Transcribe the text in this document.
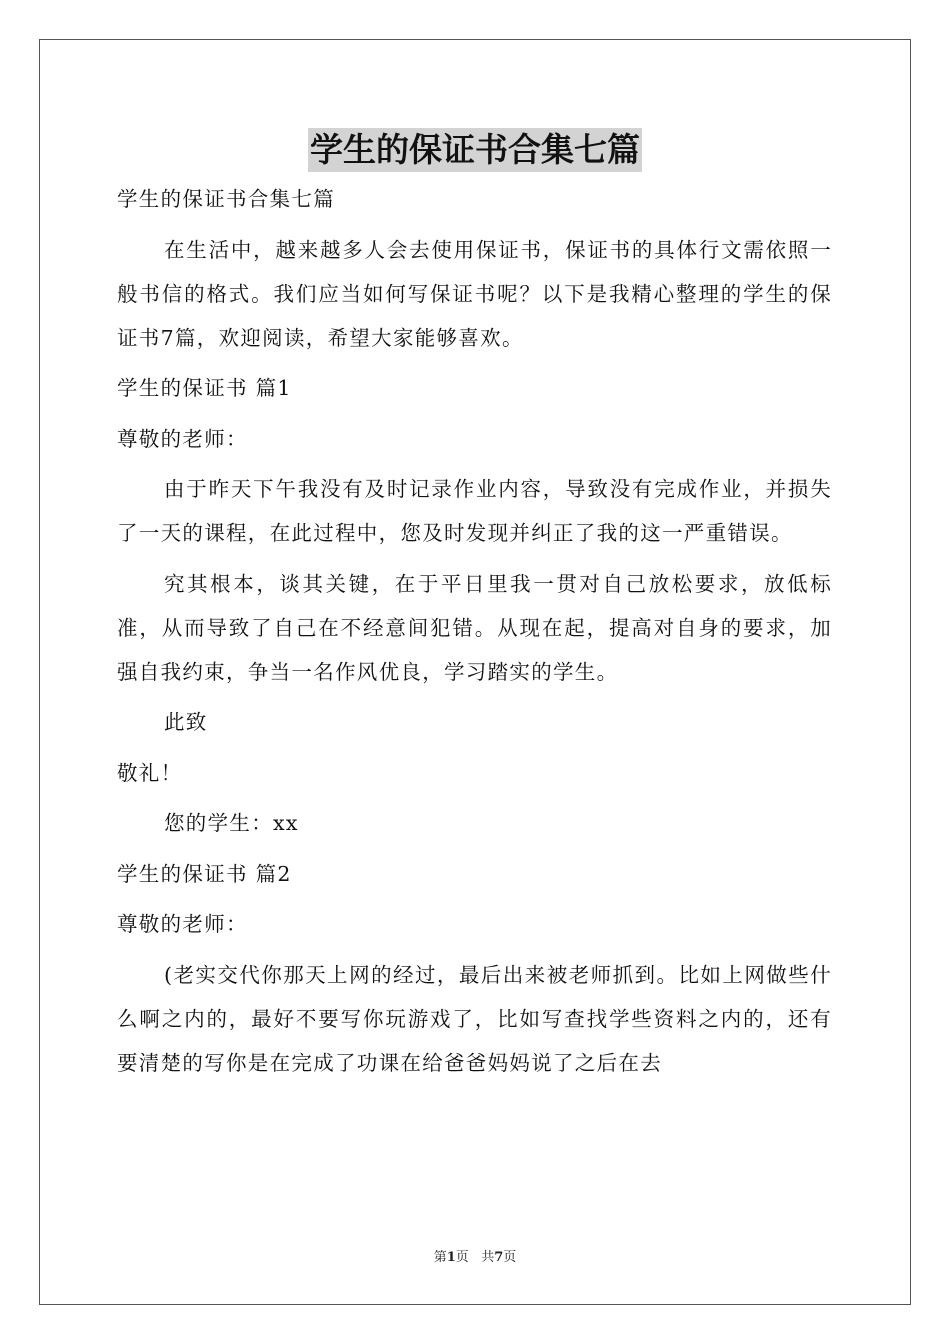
学生的保证书合集七篇

学生的保证书合集七篇

在生活中，越来越多人会去使用保证书，保证书的具体行文需依照一般书信的格式。我们应当如何写保证书呢？以下是我精心整理的学生的保证书7篇，欢迎阅读，希望大家能够喜欢。

学生的保证书 篇1

尊敬的老师：

由于昨天下午我没有及时记录作业内容，导致没有完成作业，并损失了一天的课程，在此过程中，您及时发现并纠正了我的这一严重错误。

究其根本，谈其关键，在于平日里我一贯对自己放松要求，放低标准，从而导致了自己在不经意间犯错。从现在起，提高对自身的要求，加强自我约束，争当一名作风优良，学习踏实的学生。

此致

敬礼！

您的学生：xx

学生的保证书 篇2

尊敬的老师：

(老实交代你那天上网的经过，最后出来被老师抓到。比如上网做些什么啊之内的，最好不要写你玩游戏了，比如写查找学些资料之内的，还有要清楚的写你是在完成了功课在给爸爸妈妈说了之后在去

第1页 共7页
